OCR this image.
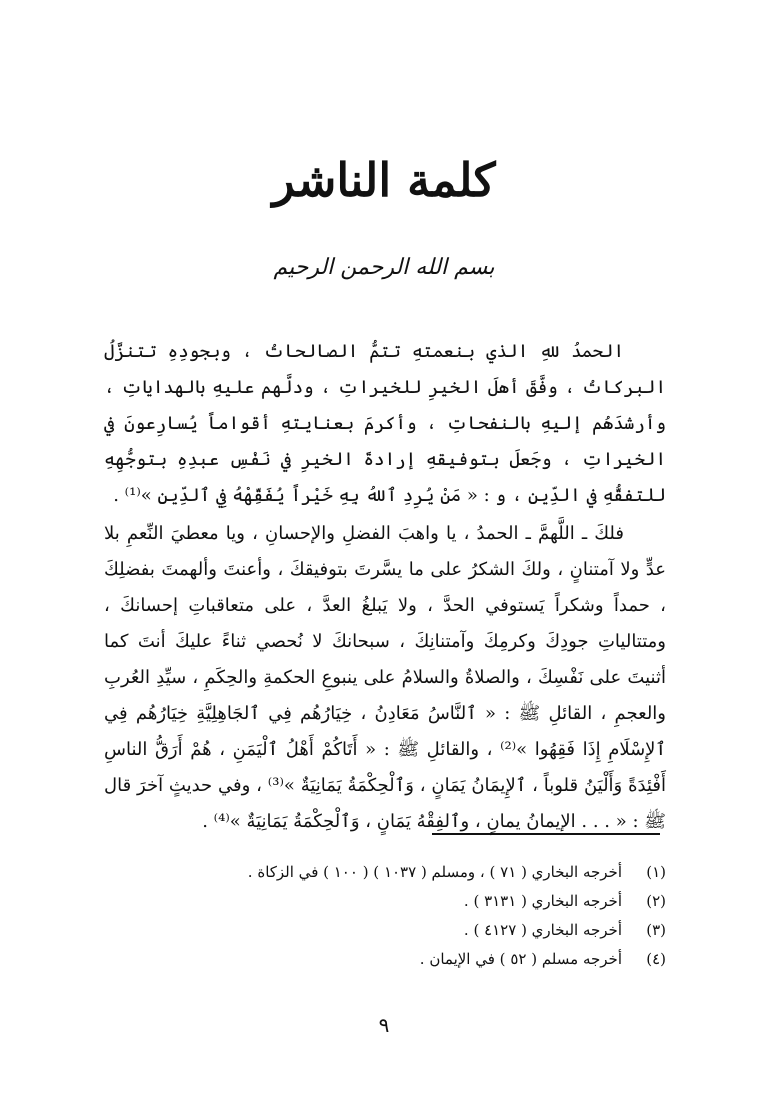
كلمة الناشر
بسم الله الرحمن الرحيم

الحمدُ للهِ الذي بنعمتهِ تتمُّ الصالحاتُ ، وبجودِهِ تتنزَّلُ البركاتُ ، وفَّقَ أهلَ الخيرِ للخيراتِ ، ودلَّهم عليهِ بالهداياتِ ، وأرشدَهُم إليهِ بالنفحاتِ ، وأكرمَ بعنايتهِ أقواماً يُسارِعونَ في الخيراتِ ، وجَعلَ بتوفيقهِ إرادةَ الخيرِ في نَفْسِ عبدِهِ بتوجُّهِهِ للتفقُّهِ في الدِّينِ ، و : « مَنْ يُرِدِ ٱللهُ بِهِ خَيْراً يُفَقِّهْهُ فِي ٱلدِّينِ »⁽¹⁾ .

فلكَ ـ اللَّهمَّ ـ الحمدُ ، يا واهبَ الفضلِ والإحسانِ ، ويا معطيَ النِّعمِ بلا عدٍّ ولا آمتنانٍ ، ولكَ الشكرُ على ما يسَّرتَ بتوفيقكَ ، وأعنتَ وألهمتَ بفضلِكَ ، حمداً وشكراً يَستوفي الحدَّ ، ولا يَبلغُ العدَّ ، على متعاقباتِ إحسانكَ ، ومتتالياتِ جودِكَ وكرمِكَ وآمتنانِكَ ، سبحانكَ لا نُحصي ثناءً عليكَ أنتَ كما أثنيتَ على نَفْسِكَ ، والصلاةُ والسلامُ على ينبوعِ الحكمةِ والحِكَمِ ، سيِّدِ العُربِ والعجمِ ، القائلِ ﷺ : « ٱلنَّاسُ مَعَادِنُ ، خِيَارُهُم فِي ٱلجَاهِلِيَّةِ خِيَارُهُم فِي ٱلإِسْلَامِ إِذَا فَقِهُوا »⁽²⁾ ، والقائلِ ﷺ : « أَتَاكُمْ أَهْلُ ٱلْيَمَنِ ، هُمْ أَرَقُّ الناسِ أَفْئِدَةً وَأَلْيَنُ قلوباً ، ٱلإِيمَانُ يَمَانٍ ، وَٱلْحِكْمَةُ يَمَانِيَةٌ »⁽³⁾ ، وفي حديثٍ آخرَ قال ﷺ : « . . . الإيمانُ يمانٍ ، وٱلفِقْهُ يَمَانٍ ، وَٱلْحِكْمَةُ يَمَانِيَةٌ »⁽⁴⁾ .

(١)
أخرجه البخاري ( ٧١ ) ، ومسلم ( ١٠٣٧ ) ( ١٠٠ ) في الزكاة .
(٢)
أخرجه البخاري ( ٣١٣١ ) .
(٣)
أخرجه البخاري ( ٤١٢٧ ) .
(٤)
أخرجه مسلم ( ٥٢ ) في الإيمان .
٩
